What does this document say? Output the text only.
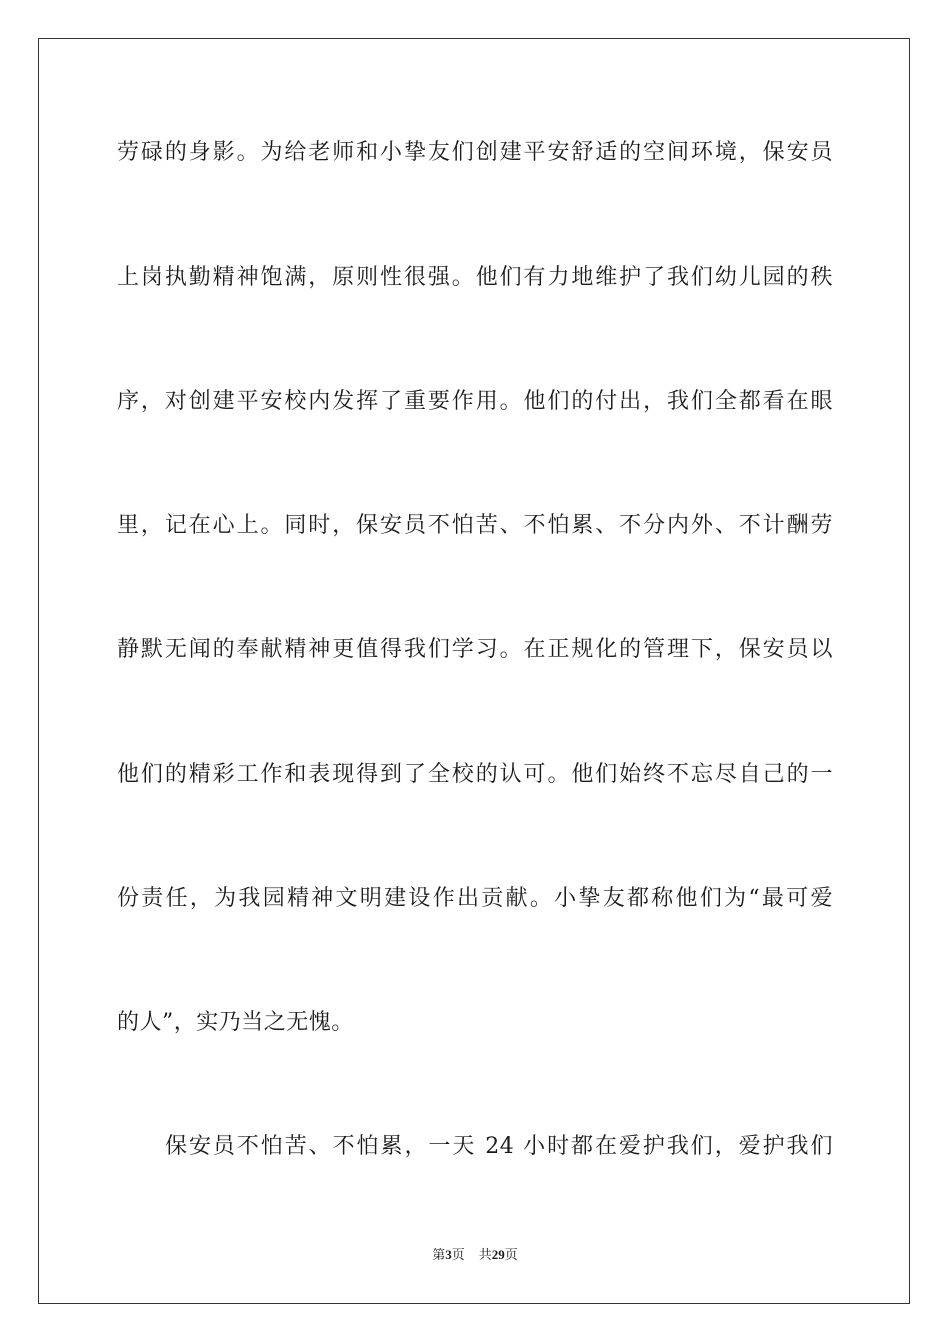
劳碌的身影。为给老师和小挚友们创建平安舒适的空间环境，保安员
上岗执勤精神饱满，原则性很强。他们有力地维护了我们幼儿园的秩
序，对创建平安校内发挥了重要作用。他们的付出，我们全都看在眼
里，记在心上。同时，保安员不怕苦、不怕累、不分内外、不计酬劳
静默无闻的奉献精神更值得我们学习。在正规化的管理下，保安员以
他们的精彩工作和表现得到了全校的认可。他们始终不忘尽自己的一
份责任，为我园精神文明建设作出贡献。小挚友都称他们为“最可爱
的人”，实乃当之无愧。
保安员不怕苦、不怕累，一天 24 小时都在爱护我们，爱护我们
第3页 共29页
